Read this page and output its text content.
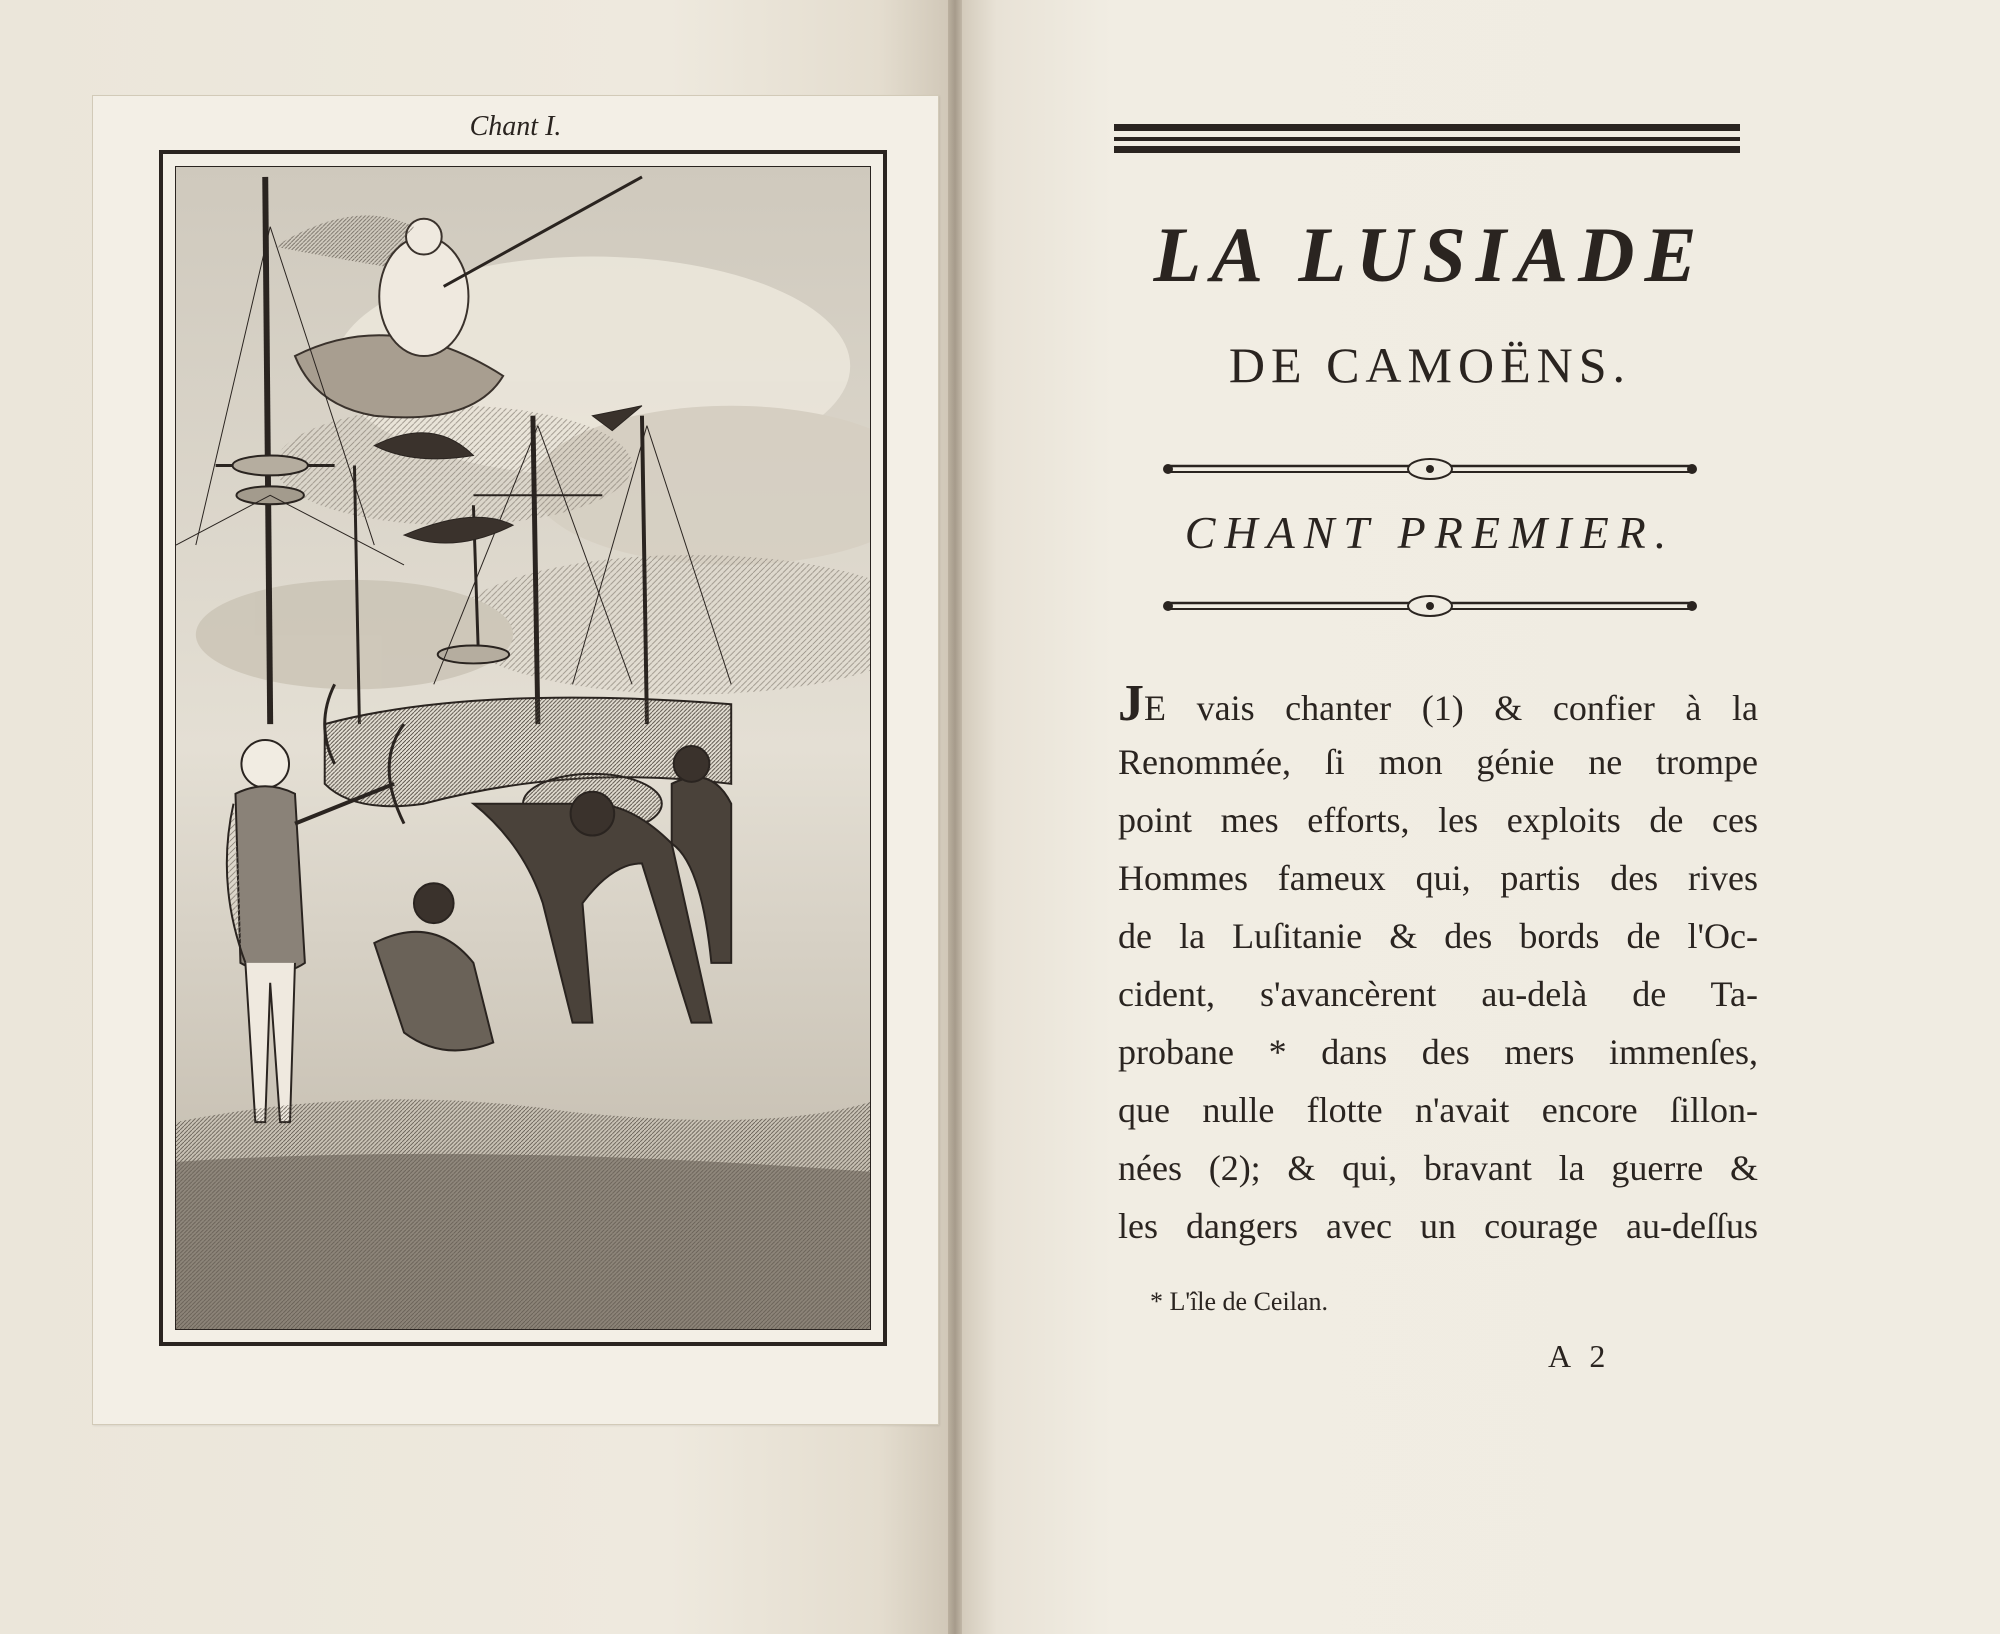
Chant I.
LA LUSIADE
DE CAMOËNS.
CHANT PREMIER.
JE vais chanter (1) & confier à la
Renommée, ſi mon génie ne trompe
point mes efforts, les exploits de ces
Hommes fameux qui, partis des rives
de la Luſitanie & des bords de l'Oc-
cident, s'avancèrent au-delà de Ta-
probane * dans des mers immenſes,
que nulle flotte n'avait encore ſillon-
nées (2); & qui, bravant la guerre &
les dangers avec un courage au-deſſus
* L'île de Ceilan.
A 2
